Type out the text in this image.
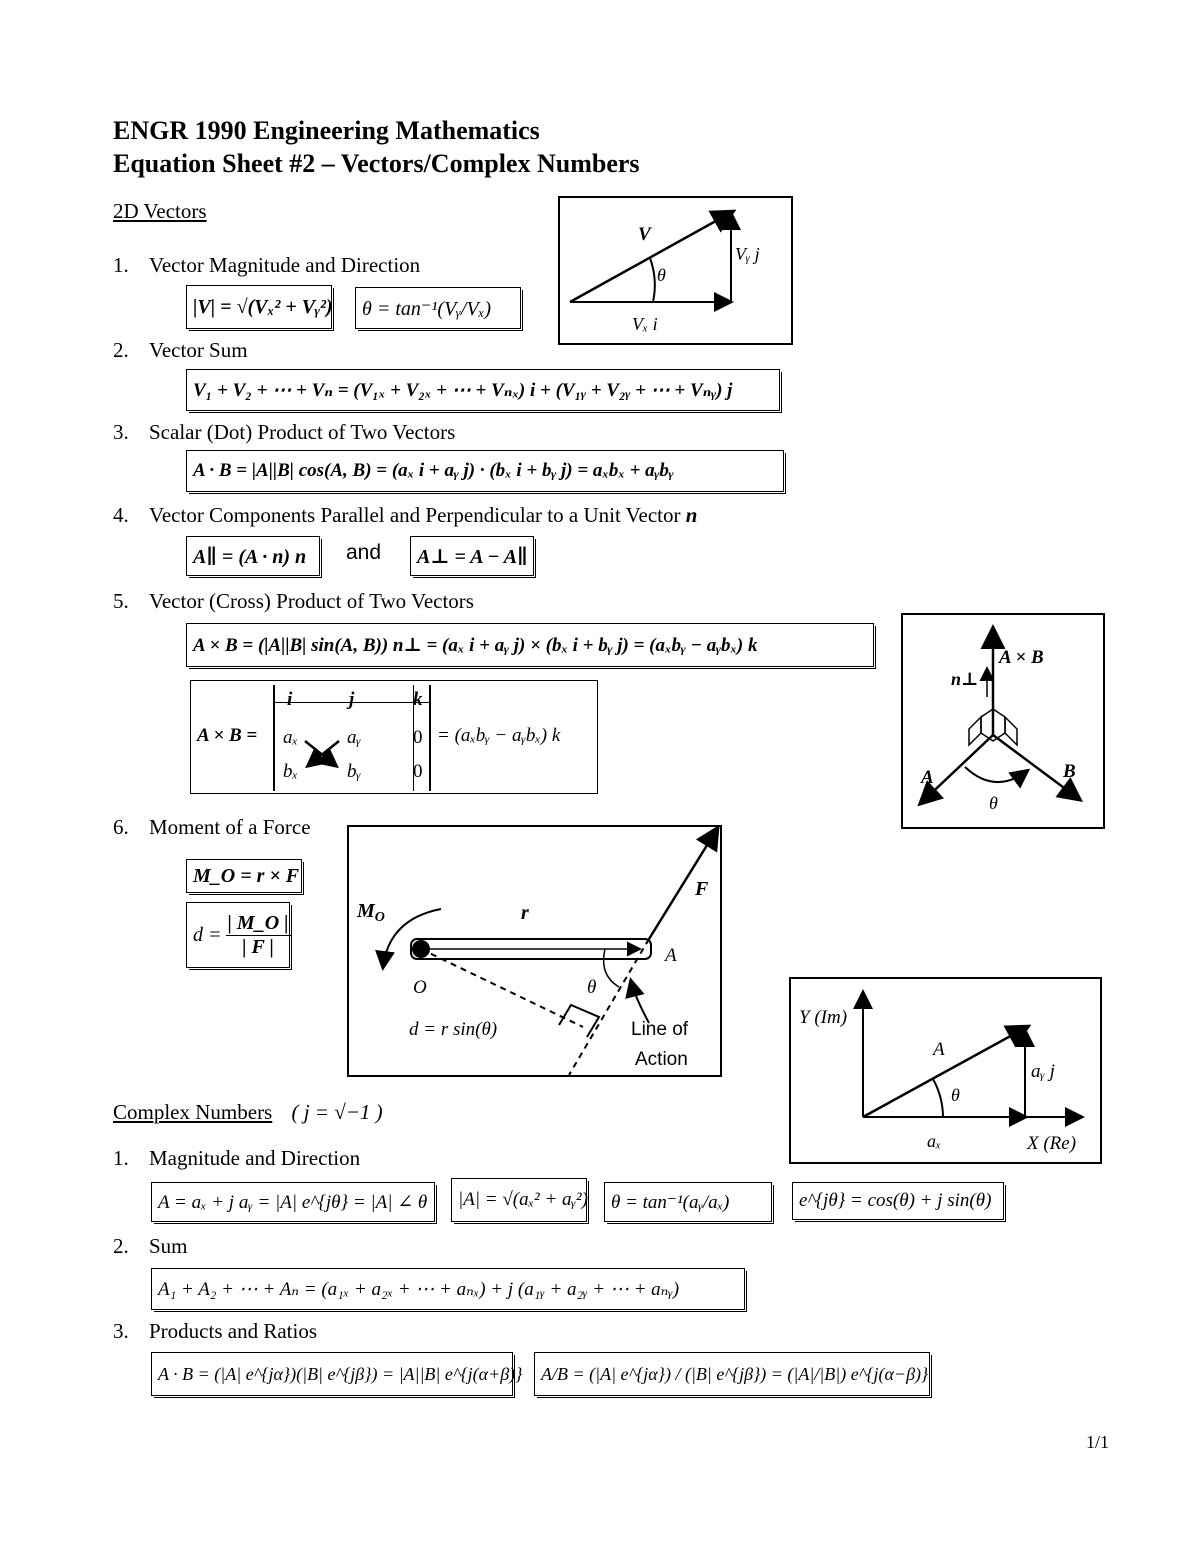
ENGR 1990 Engineering Mathematics
Equation Sheet #2 – Vectors/Complex Numbers
2D Vectors
1. Vector Magnitude and Direction
|V| = √(Vₓ² + Vᵧ²)	θ = tan⁻¹(Vᵧ/Vₓ)
2. Vector Sum
V₁ + V₂ + ⋯ + Vₙ = (V₁ₓ + V₂ₓ + ⋯ + Vₙₓ) i + (V₁ᵧ + V₂ᵧ + ⋯ + Vₙᵧ) j
3. Scalar (Dot) Product of Two Vectors
A · B = |A||B| cos(A, B) = (aₓ i + aᵧ j) · (bₓ i + bᵧ j) = aₓbₓ + aᵧbᵧ
4. Vector Components Parallel and Perpendicular to a Unit Vector n
A∥ = (A · n) n	and	A⊥ = A − A∥
5. Vector (Cross) Product of Two Vectors
A × B = (|A||B| sin(A, B)) n⊥ = (aₓ i + aᵧ j) × (bₓ i + bᵧ j) = (aₓbᵧ − aᵧbₓ) k
A × B =
i	j	k
aₓ	aᵧ	0
bₓ	bᵧ	0
= (aₓbᵧ − aᵧbₓ) k
6. Moment of a Force
M_O = r × F
$d = \frac{| M\_O |}{| F |}$
V
Vᵧ j
θ
Vₓ i
A × B
n⊥
A	B
θ
$M_O$	r
F
A
O	θ
d = r sin(θ)	Line of
Action
Y (Im)
A
aᵧ j
θ
aₓ	X (Re)
Complex Numbers ( j = √−1 )
1. Magnitude and Direction
A = aₓ + j aᵧ = |A| e^{jθ} = |A| ∠ θ	|A| = √(aₓ² + aᵧ²)	θ = tan⁻¹(aᵧ/aₓ)	e^{jθ} = cos(θ) + j sin(θ)
2. Sum
A₁ + A₂ + ⋯ + Aₙ = (a₁ₓ + a₂ₓ + ⋯ + aₙₓ) + j (a₁ᵧ + a₂ᵧ + ⋯ + aₙᵧ)
3. Products and Ratios
A · B = (|A| e^{jα})(|B| e^{jβ}) = |A||B| e^{j(α+β)}	A/B = (|A| e^{jα}) / (|B| e^{jβ}) = (|A|/|B|) e^{j(α−β)}
1/1
